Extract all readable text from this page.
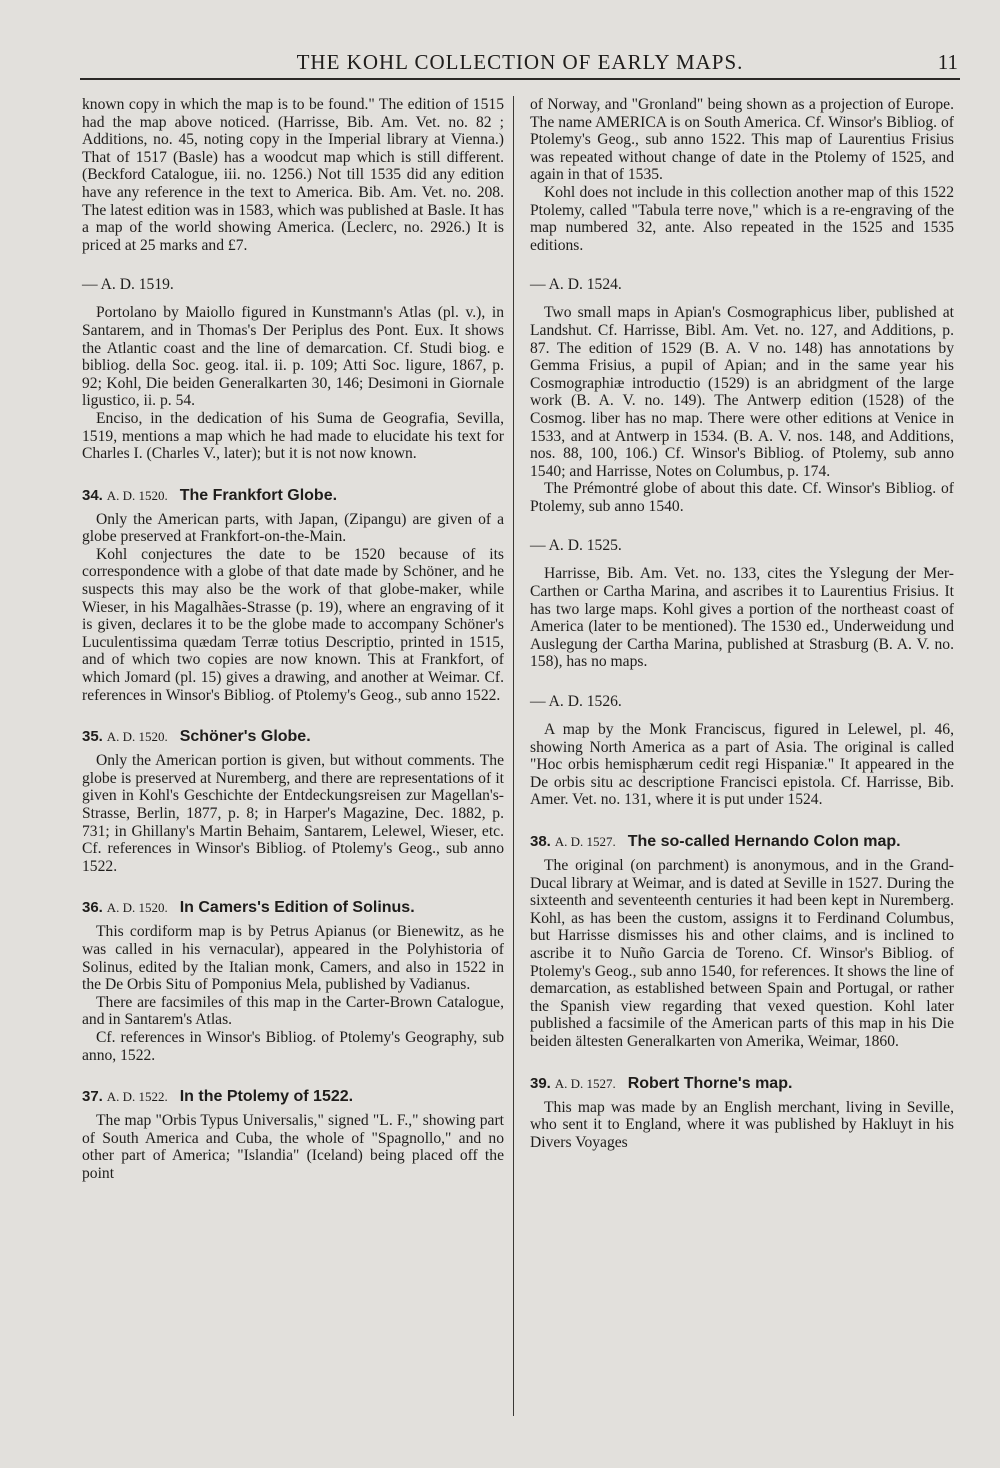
THE KOHL COLLECTION OF EARLY MAPS.	11

known copy in which the map is to be found." The edition of 1515 had the map above noticed. (Harrisse, Bib. Am. Vet. no. 82 ; Additions, no. 45, noting copy in the Imperial library at Vienna.) That of 1517 (Basle) has a woodcut map which is still different. (Beckford Catalogue, iii. no. 1256.) Not till 1535 did any edition have any reference in the text to America. Bib. Am. Vet. no. 208. The latest edition was in 1583, which was published at Basle. It has a map of the world showing America. (Leclerc, no. 2926.) It is priced at 25 marks and £7.

— A. D. 1519.

Portolano by Maiollo figured in Kunstmann's Atlas (pl. v.), in Santarem, and in Thomas's Der Periplus des Pont. Eux. It shows the Atlantic coast and the line of demarcation. Cf. Studi biog. e bibliog. della Soc. geog. ital. ii. p. 109; Atti Soc. ligure, 1867, p. 92; Kohl, Die beiden Generalkarten 30, 146; Desimoni in Giornale ligustico, ii. p. 54.

Enciso, in the dedication of his Suma de Geografia, Sevilla, 1519, mentions a map which he had made to elucidate his text for Charles I. (Charles V., later); but it is not now known.

34. A. D. 1520. The Frankfort Globe.

Only the American parts, with Japan, (Zipangu) are given of a globe preserved at Frankfort-on-the-Main.

Kohl conjectures the date to be 1520 because of its correspondence with a globe of that date made by Schöner, and he suspects this may also be the work of that globe-maker, while Wieser, in his Magalhães-Strasse (p. 19), where an engraving of it is given, declares it to be the globe made to accompany Schöner's Luculentissima quædam Terræ totius Descriptio, printed in 1515, and of which two copies are now known. This at Frankfort, of which Jomard (pl. 15) gives a drawing, and another at Weimar. Cf. references in Winsor's Bibliog. of Ptolemy's Geog., sub anno 1522.

35. A. D. 1520. Schöner's Globe.

Only the American portion is given, but without comments. The globe is preserved at Nuremberg, and there are representations of it given in Kohl's Geschichte der Entdeckungsreisen zur Magellan's-Strasse, Berlin, 1877, p. 8; in Harper's Magazine, Dec. 1882, p. 731; in Ghillany's Martin Behaim, Santarem, Lelewel, Wieser, etc. Cf. references in Winsor's Bibliog. of Ptolemy's Geog., sub anno 1522.

36. A. D. 1520. In Camers's Edition of Solinus.

This cordiform map is by Petrus Apianus (or Bienewitz, as he was called in his vernacular), appeared in the Polyhistoria of Solinus, edited by the Italian monk, Camers, and also in 1522 in the De Orbis Situ of Pomponius Mela, published by Vadianus.

There are facsimiles of this map in the Carter-Brown Catalogue, and in Santarem's Atlas.

Cf. references in Winsor's Bibliog. of Ptolemy's Geography, sub anno, 1522.

37. A. D. 1522. In the Ptolemy of 1522.

The map "Orbis Typus Universalis," signed "L. F.," showing part of South America and Cuba, the whole of "Spagnollo," and no other part of America; "Islandia" (Iceland) being placed off the point

of Norway, and "Gronland" being shown as a projection of Europe. The name AMERICA is on South America. Cf. Winsor's Bibliog. of Ptolemy's Geog., sub anno 1522. This map of Laurentius Frisius was repeated without change of date in the Ptolemy of 1525, and again in that of 1535.

Kohl does not include in this collection another map of this 1522 Ptolemy, called "Tabula terre nove," which is a re-engraving of the map numbered 32, ante. Also repeated in the 1525 and 1535 editions.

— A. D. 1524.

Two small maps in Apian's Cosmographicus liber, published at Landshut. Cf. Harrisse, Bibl. Am. Vet. no. 127, and Additions, p. 87. The edition of 1529 (B. A. V no. 148) has annotations by Gemma Frisius, a pupil of Apian; and in the same year his Cosmographiæ introductio (1529) is an abridgment of the large work (B. A. V. no. 149). The Antwerp edition (1528) of the Cosmog. liber has no map. There were other editions at Venice in 1533, and at Antwerp in 1534. (B. A. V. nos. 148, and Additions, nos. 88, 100, 106.) Cf. Winsor's Bibliog. of Ptolemy, sub anno 1540; and Harrisse, Notes on Columbus, p. 174.

The Prémontré globe of about this date. Cf. Winsor's Bibliog. of Ptolemy, sub anno 1540.

— A. D. 1525.

Harrisse, Bib. Am. Vet. no. 133, cites the Yslegung der Mer-Carthen or Cartha Marina, and ascribes it to Laurentius Frisius. It has two large maps. Kohl gives a portion of the northeast coast of America (later to be mentioned). The 1530 ed., Underweidung und Auslegung der Cartha Marina, published at Strasburg (B. A. V. no. 158), has no maps.

— A. D. 1526.

A map by the Monk Franciscus, figured in Lelewel, pl. 46, showing North America as a part of Asia. The original is called "Hoc orbis hemisphærum cedit regi Hispaniæ." It appeared in the De orbis situ ac descriptione Francisci epistola. Cf. Harrisse, Bib. Amer. Vet. no. 131, where it is put under 1524.

38. A. D. 1527. The so-called Hernando Colon map.

The original (on parchment) is anonymous, and in the Grand-Ducal library at Weimar, and is dated at Seville in 1527. During the sixteenth and seventeenth centuries it had been kept in Nuremberg. Kohl, as has been the custom, assigns it to Ferdinand Columbus, but Harrisse dismisses his and other claims, and is inclined to ascribe it to Nuño Garcia de Toreno. Cf. Winsor's Bibliog. of Ptolemy's Geog., sub anno 1540, for references. It shows the line of demarcation, as established between Spain and Portugal, or rather the Spanish view regarding that vexed question. Kohl later published a facsimile of the American parts of this map in his Die beiden ältesten Generalkarten von Amerika, Weimar, 1860.

39. A. D. 1527. Robert Thorne's map.

This map was made by an English merchant, living in Seville, who sent it to England, where it was published by Hakluyt in his Divers Voyages
